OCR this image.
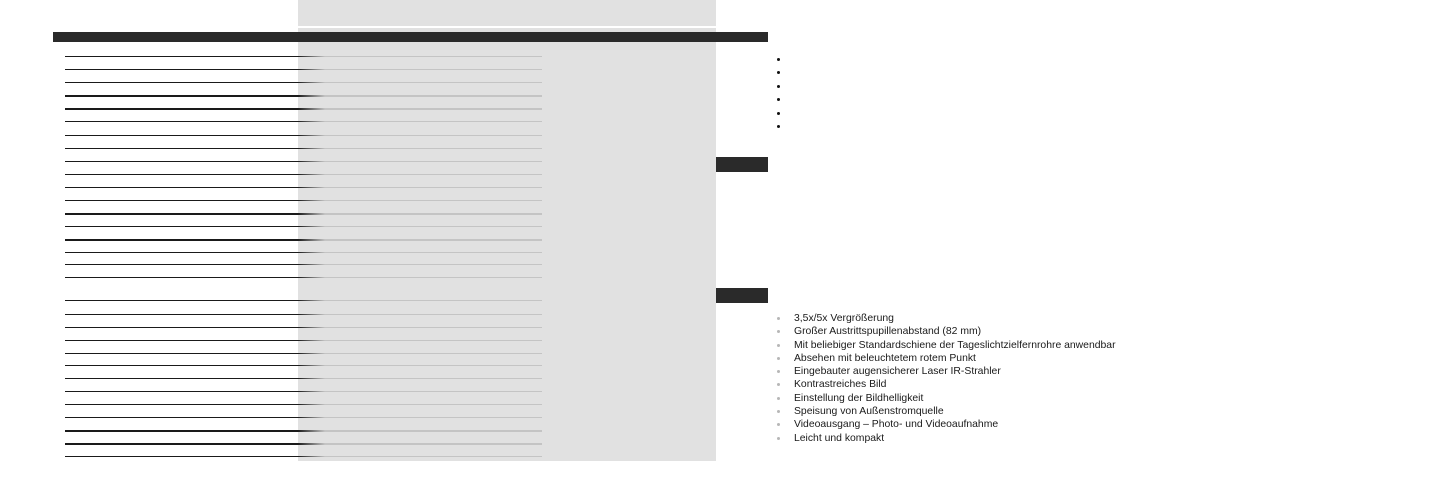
3,5x/5x Vergrößerung
Großer Austrittspupillenabstand (82 mm)
Mit beliebiger Standardschiene der Tageslichtzielfernrohre anwendbar
Absehen mit beleuchtetem rotem Punkt
Eingebauter augensicherer Laser IR-Strahler
Kontrastreiches Bild
Einstellung der Bildhelligkeit
Speisung von Außenstromquelle
Videoausgang – Photo- und Videoaufnahme
Leicht und kompakt
